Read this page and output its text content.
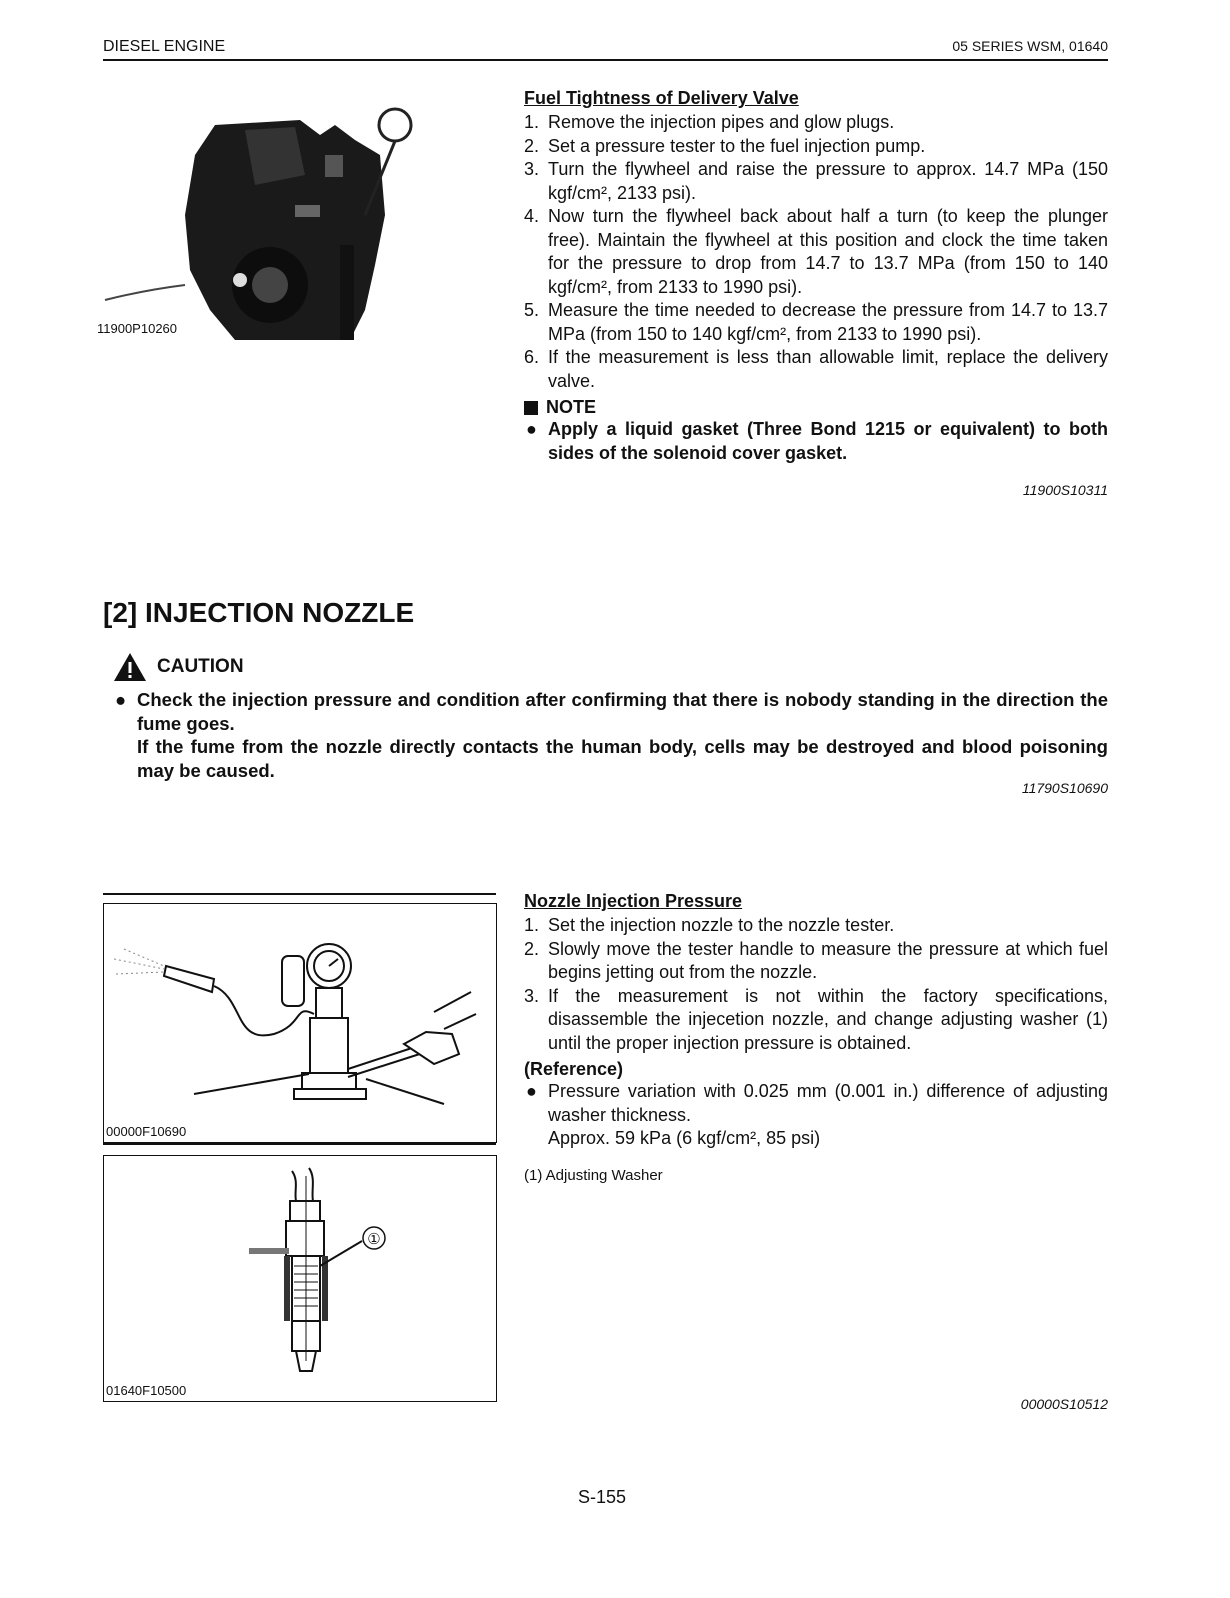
DIESEL ENGINE	05 SERIES WSM, 01640
11900P10260
Fuel Tightness of Delivery Valve
1. Remove the injection pipes and glow plugs.
2. Set a pressure tester to the fuel injection pump.
3. Turn the flywheel and raise the pressure to approx. 14.7 MPa (150 kgf/cm², 2133 psi).
4. Now turn the flywheel back about half a turn (to keep the plunger free). Maintain the flywheel at this position and clock the time taken for the pressure to drop from 14.7 to 13.7 MPa (from 150 to 140 kgf/cm², from 2133 to 1990 psi).
5. Measure the time needed to decrease the pressure from 14.7 to 13.7 MPa (from 150 to 140 kgf/cm², from 2133 to 1990 psi).
6. If the measurement is less than allowable limit, replace the delivery valve.
NOTE
● Apply a liquid gasket (Three Bond 1215 or equivalent) to both sides of the solenoid cover gasket.
11900S10311
[2] INJECTION NOZZLE
CAUTION
● Check the injection pressure and condition after confirming that there is nobody standing in the direction the fume goes.
If the fume from the nozzle directly contacts the human body, cells may be destroyed and blood poisoning may be caused.
11790S10690
00000F10690
①
01640F10500
Nozzle Injection Pressure
1. Set the injection nozzle to the nozzle tester.
2. Slowly move the tester handle to measure the pressure at which fuel begins jetting out from the nozzle.
3. If the measurement is not within the factory specifications, disassemble the injecetion nozzle, and change adjusting washer (1) until the proper injection pressure is obtained.
(Reference)
● Pressure variation with 0.025 mm (0.001 in.) difference of adjusting washer thickness.
Approx. 59 kPa (6 kgf/cm², 85 psi)
(1) Adjusting Washer
00000S10512
S-155
